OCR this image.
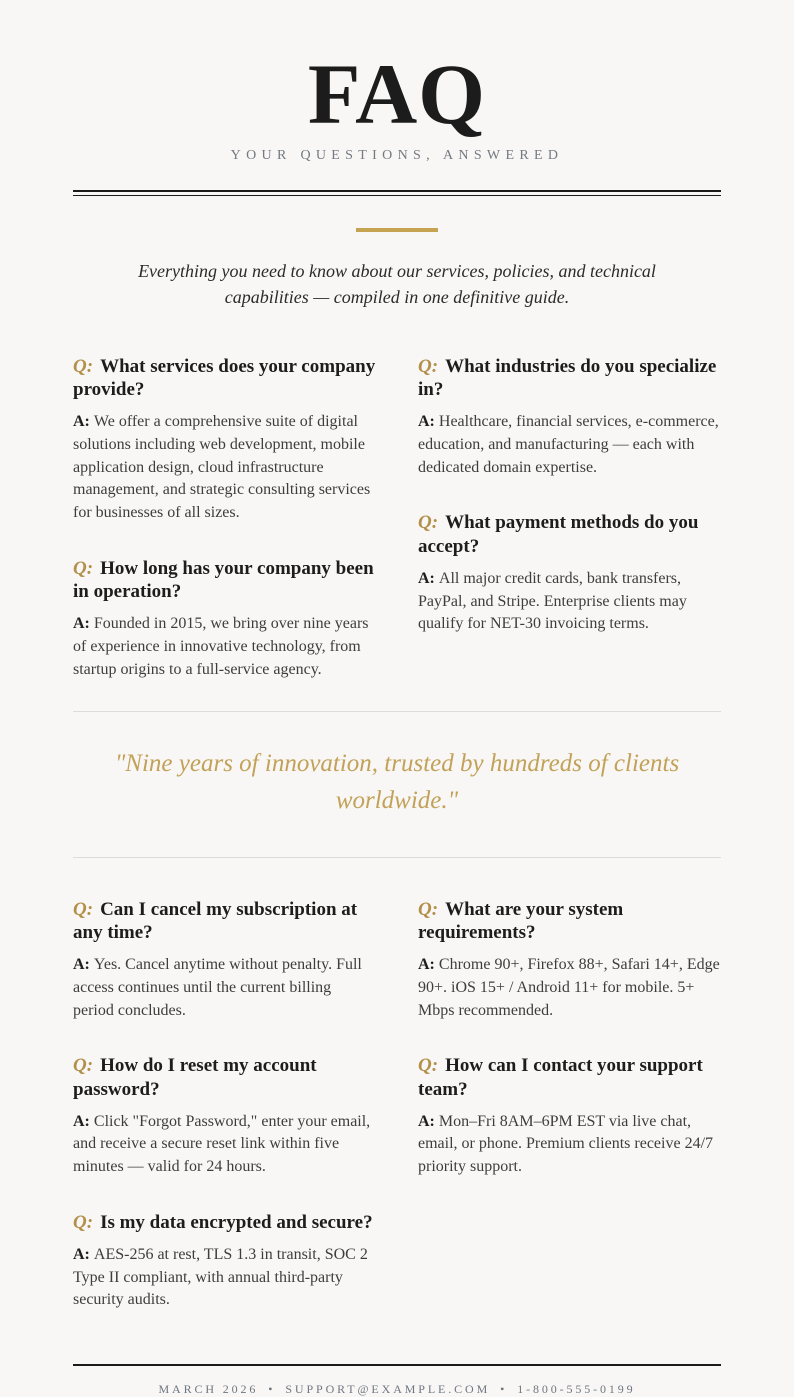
FAQ
YOUR QUESTIONS, ANSWERED

Everything you need to know about our services, policies, and technical capabilities — compiled in one definitive guide.

Q: What services does your company provide?

A: We offer a comprehensive suite of digital solutions including web development, mobile application design, cloud infrastructure management, and strategic consulting services for businesses of all sizes.

Q: How long has your company been in operation?

A: Founded in 2015, we bring over nine years of experience in innovative technology, from startup origins to a full-service agency.

Q: What industries do you specialize in?

A: Healthcare, financial services, e-commerce, education, and manufacturing — each with dedicated domain expertise.

Q: What payment methods do you accept?

A: All major credit cards, bank transfers, PayPal, and Stripe. Enterprise clients may qualify for NET-30 invoicing terms.

"Nine years of innovation, trusted by hundreds of clients worldwide."
Q: Can I cancel my subscription at any time?

A: Yes. Cancel anytime without penalty. Full access continues until the current billing period concludes.

Q: How do I reset my account password?

A: Click "Forgot Password," enter your email, and receive a secure reset link within five minutes — valid for 24 hours.

Q: Is my data encrypted and secure?

A: AES-256 at rest, TLS 1.3 in transit, SOC 2 Type II compliant, with annual third-party security audits.

Q: What are your system requirements?

A: Chrome 90+, Firefox 88+, Safari 14+, Edge 90+. iOS 15+ / Android 11+ for mobile. 5+ Mbps recommended.

Q: How can I contact your support team?

A: Mon–Fri 8AM–6PM EST via live chat, email, or phone. Premium clients receive 24/7 priority support.

MARCH 2026 • SUPPORT@EXAMPLE.COM • 1-800-555-0199
